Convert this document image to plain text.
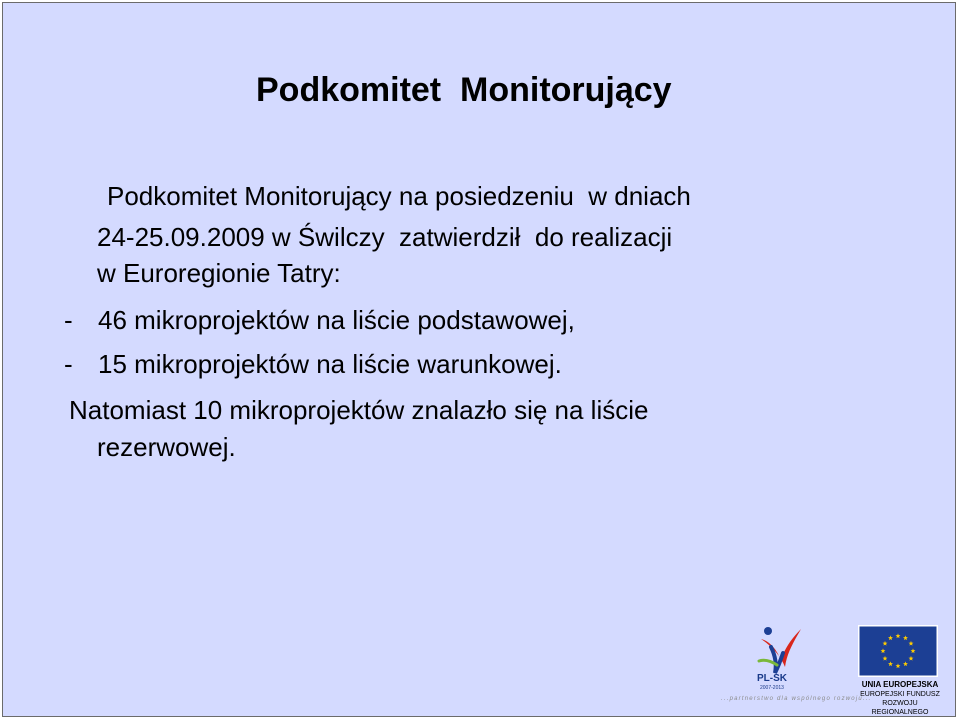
Podkomitet  Monitorujący
Podkomitet Monitorujący na posiedzeniu  w dniach
24-25.09.2009 w Świlczy  zatwierdził  do realizacji
w Euroregionie Tatry:
- 46 mikroprojektów na liście podstawowej,
- 15 mikroprojektów na liście warunkowej.
Natomiast 10 mikroprojektów znalazło się na liście
rezerwowej.
PL-SK
2007-2013
...partnerstwo dla wspólnego rozwoju...
UNIA EUROPEJSKA
EUROPEJSKI FUNDUSZ
ROZWOJU REGIONALNEGO
